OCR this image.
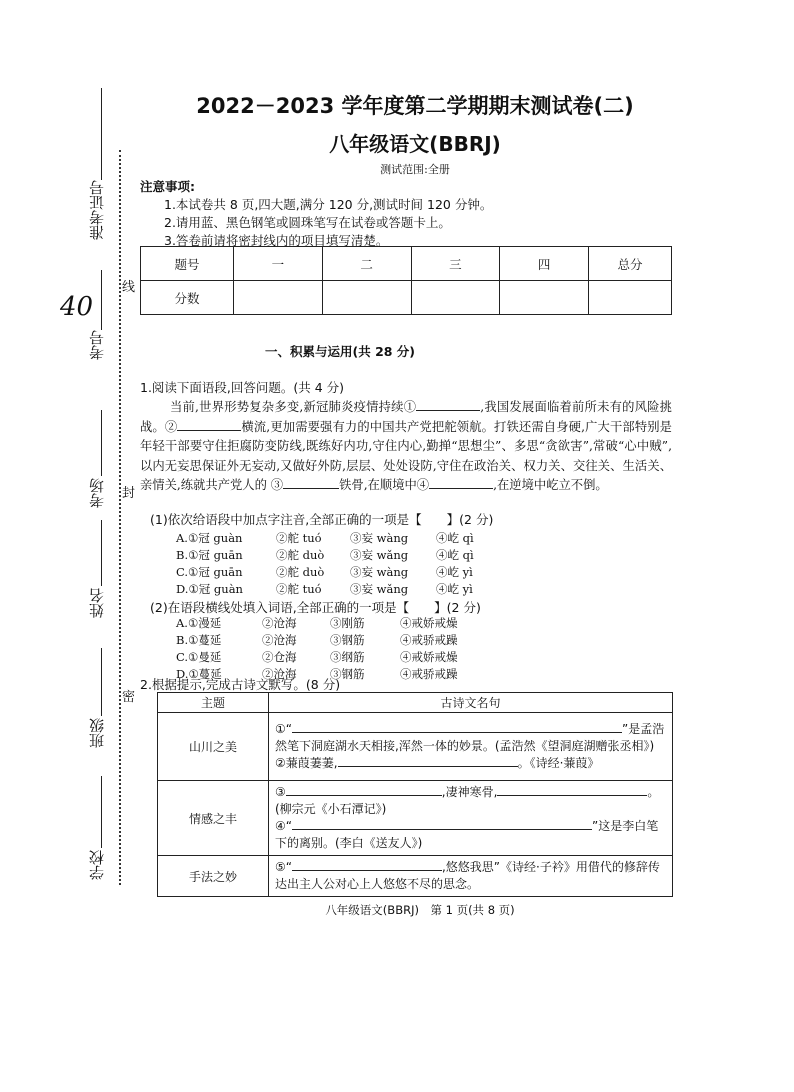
准考证号
考号
40
考场
姓名
班级
学校
线
封
密
2022－2023 学年度第二学期期末测试卷(二)
八年级语文(BBRJ)
测试范围:全册
注意事项:
1.本试卷共 8 页,四大题,满分 120 分,测试时间 120 分钟。
2.请用蓝、黑色钢笔或圆珠笔写在试卷或答题卡上。
3.答卷前请将密封线内的项目填写清楚。
题号	一	二	三	四	总分
分数					
一、积累与运用(共 28 分)
1.阅读下面语段,回答问题。(共 4 分)
当前,世界形势复杂多变,新冠肺炎疫情持续①	,我国发展面临着前所未有的风险挑战。②	横流,更加需要强有力的中国共产党把舵领航。打铁还需自身硬,广大干部特别是年轻干部要守住拒腐防变防线,既练好内功,守住内心,勤掸“思想尘”、多思“贪欲害”,常破“心中贼”,以内无妄思保证外无妄动,又做好外防,层层、处处设防,守住在政治关、权力关、交往关、生活关、亲情关,练就共产党人的 ③	铁骨,在顺境中④	,在逆境中屹立不倒。
(1)依次给语段中加点字注音,全部正确的一项是【　　】(2 分)
A.①冠 guàn	②舵 tuó ③妄 wàng ④屹 qì
B.①冠 guān	②舵 duò ③妄 wǎng ④屹 qì
C.①冠 guān	②舵 duò ③妄 wàng ④屹 yì
D.①冠 guàn	②舵 tuó ③妄 wǎng ④屹 yì
(2)在语段横线处填入词语,全部正确的一项是【　　】(2 分)
A.①漫延	②沧海	③刚筋	④戒娇戒燥
B.①蔓延	②沧海	③钢筋	④戒骄戒躁
C.①曼延	②仓海	③纲筋	④戒娇戒燥
D.①蔓延	②沧海	③钢筋	④戒骄戒躁
2.根据提示,完成古诗文默写。(8 分)
主题	古诗文名句
山川之美	①“ ”是孟浩然笔下洞庭湖水天相接,浑然一体的妙景。(孟浩然《望洞庭湖赠张丞相》)
②蒹葭萋萋, 。《诗经·蒹葭》
情感之丰	③ ,凄神寒骨, 。(柳宗元《小石潭记》)
④“ ”这是李白笔下的离别。(李白《送友人》)
手法之妙	⑤“ ,悠悠我思”《诗经·子衿》用借代的修辞传达出主人公对心上人悠悠不尽的思念。
八年级语文(BBRJ)　第 1 页(共 8 页)
